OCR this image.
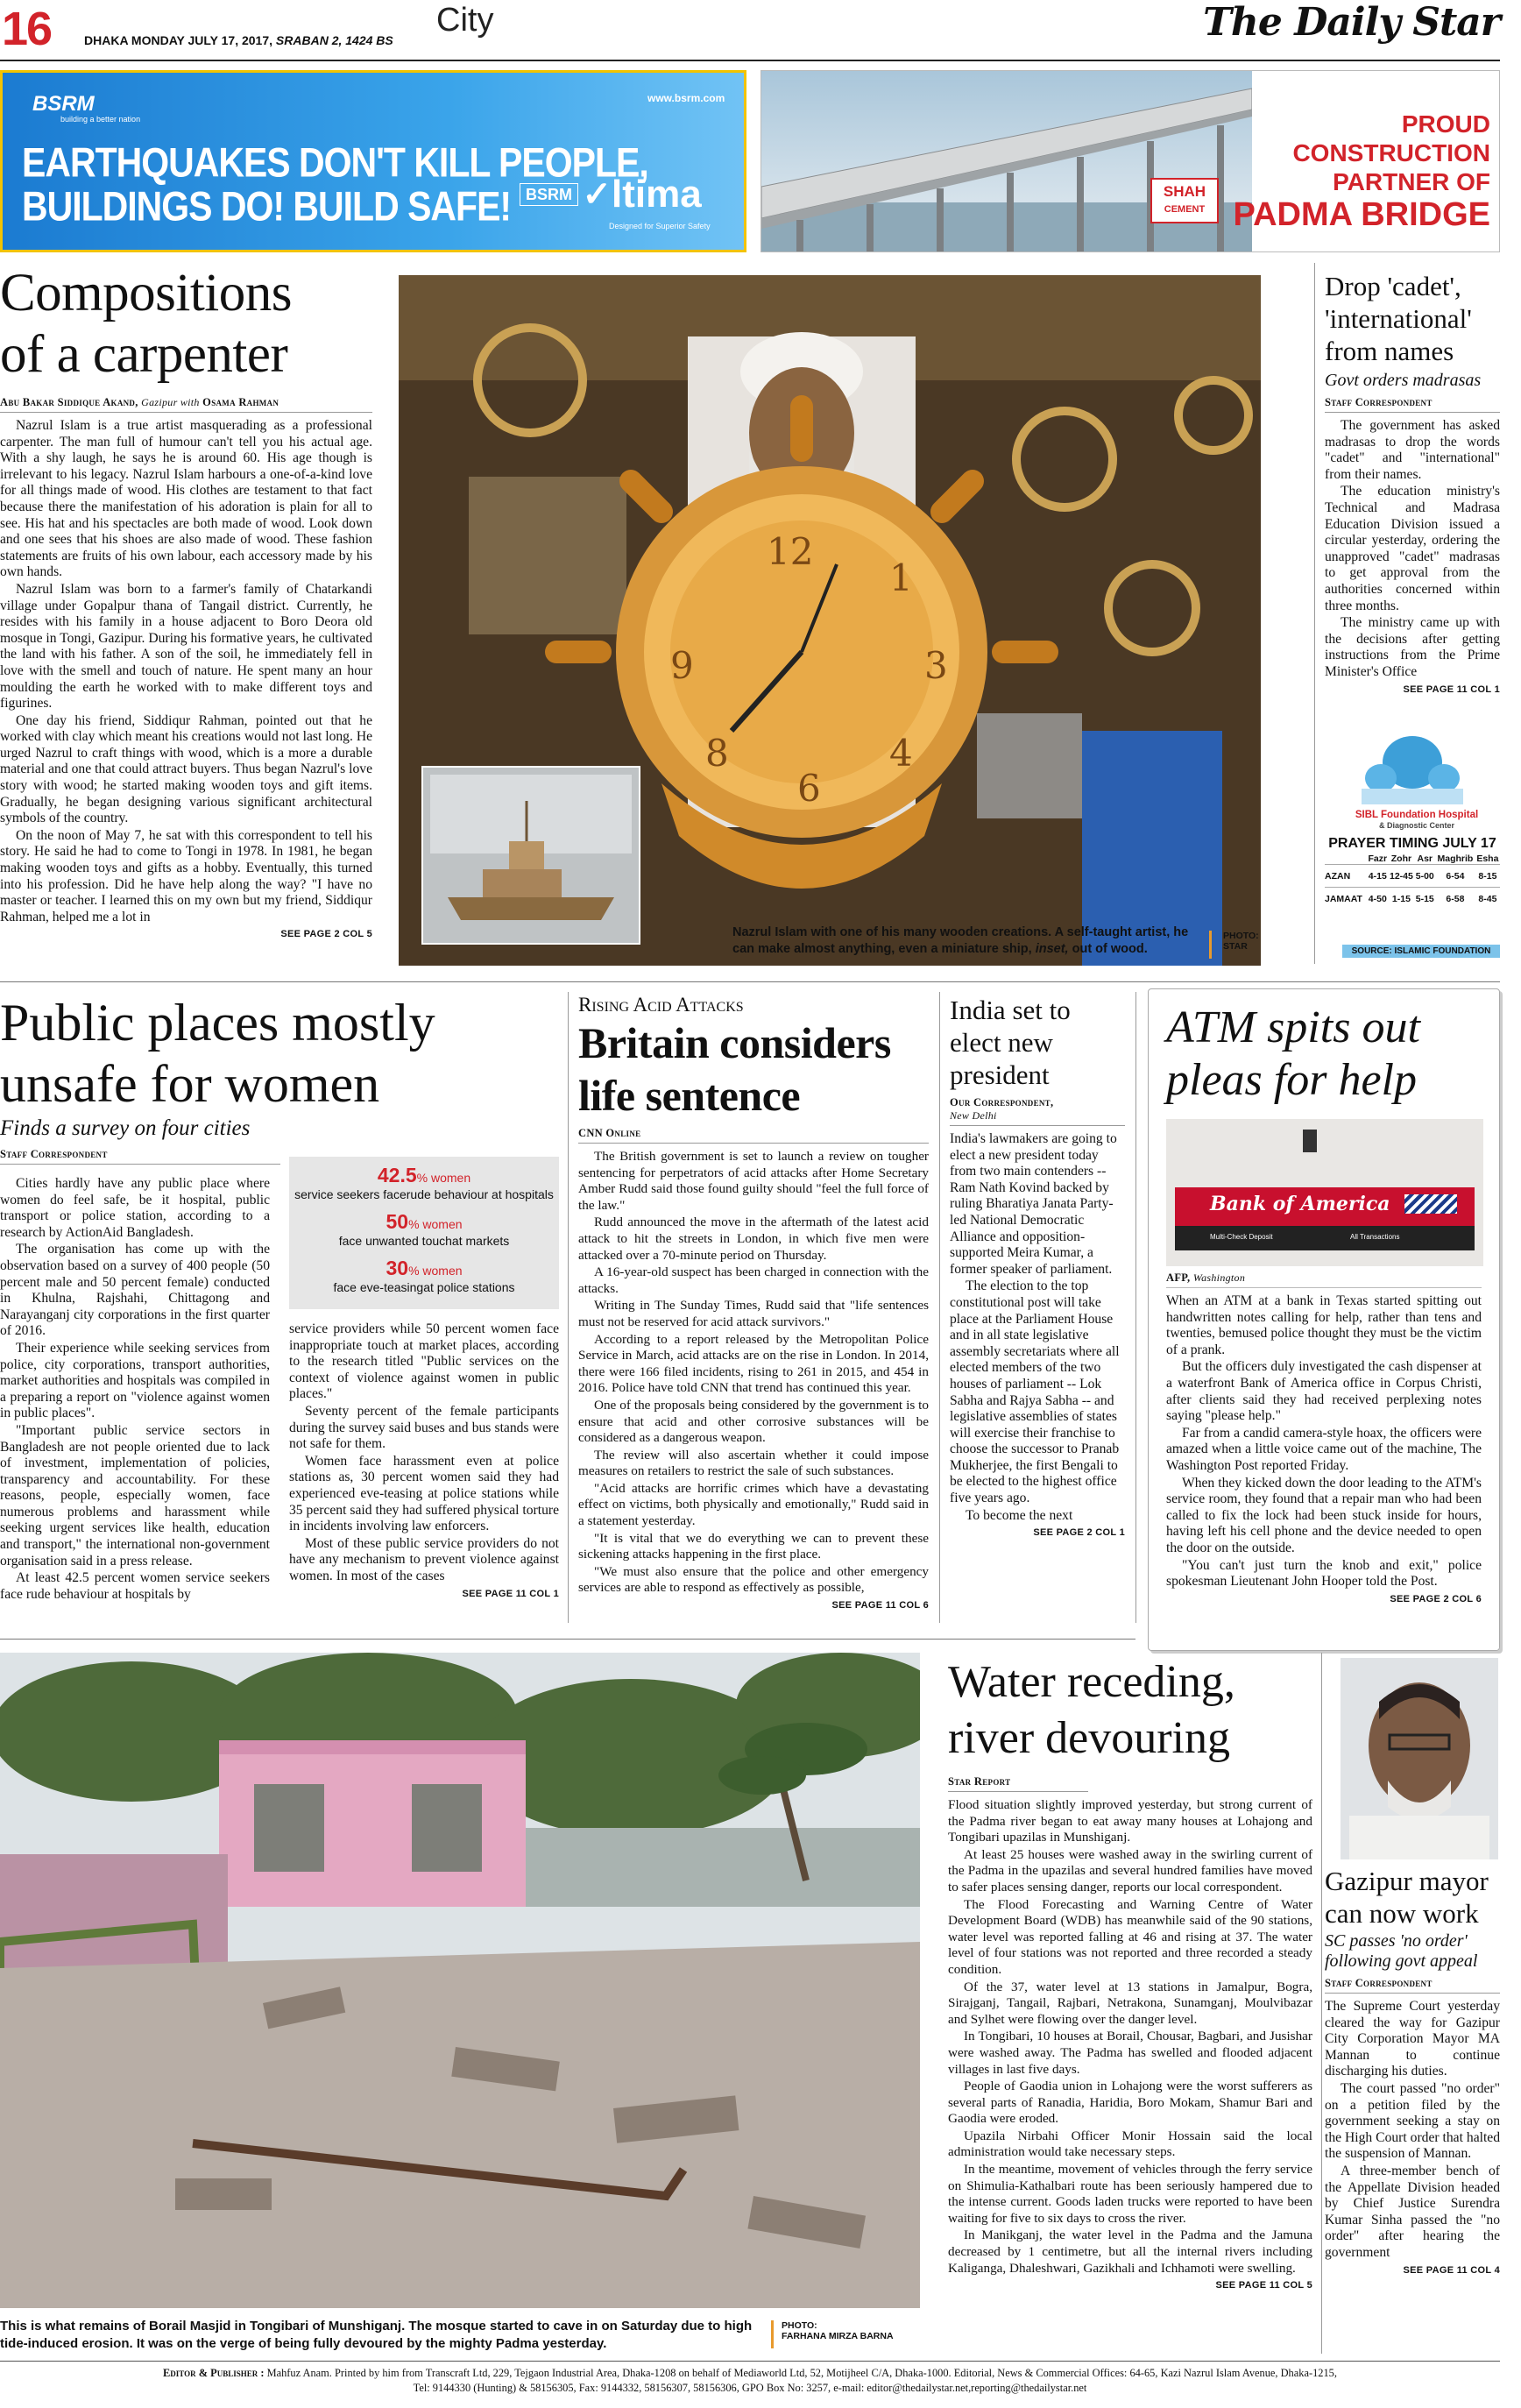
16	DHAKA MONDAY JULY 17, 2017, SRABAN 2, 1424 BS
City	The Daily Star
BSRM
building a better nation
www.bsrm.com
EARTHQUAKES DON'T KILL PEOPLE,
BUILDINGS DO! BUILD SAFE! BSRM ✓ltima
Designed for Superior Safety
SHAH
CEMENT
PROUD
CONSTRUCTION
PARTNER OF
PADMA BRIDGE
Compositions
of a carpenter
Abu Bakar Siddique Akand, Gazipur with Osama Rahman

Nazrul Islam is a true artist masquerading as a professional carpenter. The man full of humour can't tell you his actual age. With a shy laugh, he says he is around 60. His age though is irrelevant to his legacy. Nazrul Islam harbours a one-of-a-kind love for all things made of wood. His clothes are testament to that fact because there the manifestation of his adoration is plain for all to see. His hat and his spectacles are both made of wood. Look down and one sees that his shoes are also made of wood. These fashion statements are fruits of his own labour, each accessory made by his own hands.

Nazrul Islam was born to a farmer's family of Chatarkandi village under Gopalpur thana of Tangail district. Currently, he resides with his family in a house adjacent to Boro Deora old mosque in Tongi, Gazipur. During his formative years, he cultivated the land with his father. A son of the soil, he immediately fell in love with the smell and touch of nature. He spent many an hour moulding the earth he worked with to make different toys and figurines.

One day his friend, Siddiqur Rahman, pointed out that he worked with clay which meant his creations would not last long. He urged Nazrul to craft things with wood, which is a more a durable material and one that could attract buyers. Thus began Nazrul's love story with wood; he started making wooden toys and gift items. Gradually, he began designing various significant architectural symbols of the country.

On the noon of May 7, he sat with this correspondent to tell his story. He said he had to come to Tongi in 1978. In 1981, he began making wooden toys and gifts as a hobby. Eventually, this turned into his profession. Did he have help along the way? "I have no master or teacher. I learned this on my own but my friend, Siddiqur Rahman, helped me a lot in

SEE PAGE 2 COL 5
12
1
3
4
6
8
9
Nazrul Islam with one of his many wooden creations. A self-taught artist, he can make almost anything, even a miniature ship, inset, out of wood.
PHOTO:
STAR
Drop 'cadet', 'international' from names
Govt orders madrasas
Staff Correspondent

The government has asked madrasas to drop the words "cadet" and "international" from their names.

The education ministry's Technical and Madrasa Education Division issued a circular yesterday, ordering the unapproved "cadet" madrasas to get approval from the authorities concerned within three months.

The ministry came up with the decisions after getting instructions from the Prime Minister's Office

SEE PAGE 11 COL 1
SIBL Foundation Hospital
& Diagnostic Center
PRAYER TIMING JULY 17
	Fazr	Zohr	Asr	Maghrib	Esha
AZAN	4-15	12-45	5-00	6-54	8-15
JAMAAT	4-50	1-15	5-15	6-58	8-45
SOURCE: ISLAMIC FOUNDATION
Public places mostly
unsafe for women
Finds a survey on four cities
Staff Correspondent

Cities hardly have any public place where women do feel safe, be it hospital, public transport or police station, according to a research by ActionAid Bangladesh.

The organisation has come up with the observation based on a survey of 400 people (50 percent male and 50 percent female) conducted in Khulna, Rajshahi, Chittagong and Narayanganj city corporations in the first quarter of 2016.

Their experience while seeking services from police, city corporations, transport authorities, market authorities and hospitals was compiled in a preparing a report on "violence against women in public places".

"Important public service sectors in Bangladesh are not people oriented due to lack of investment, implementation of policies, transparency and accountability. For these reasons, people, especially women, face numerous problems and harassment while seeking urgent services like health, education and transport," the international non-government organisation said in a press release.

At least 42.5 percent women service seekers face rude behaviour at hospitals by

42.5% women
service seekers facerude behaviour at hospitals
50% women
face unwanted touchat markets
30% women
face eve-teasingat police stations

service providers while 50 percent women face inappropriate touch at market places, according to the research titled "Public services on the context of violence against women in public places."

Seventy percent of the female participants during the survey said buses and bus stands were not safe for them.

Women face harassment even at police stations as, 30 percent women said they had experienced eve-teasing at police stations while 35 percent said they had suffered physical torture in incidents involving law enforcers.

Most of these public service providers do not have any mechanism to prevent violence against women. In most of the cases

SEE PAGE 11 COL 1
Rising Acid Attacks
Britain considers
life sentence
CNN Online

The British government is set to launch a review on tougher sentencing for perpetrators of acid attacks after Home Secretary Amber Rudd said those found guilty should "feel the full force of the law."

Rudd announced the move in the aftermath of the latest acid attack to hit the streets in London, in which five men were attacked over a 70-minute period on Thursday.

A 16-year-old suspect has been charged in connection with the attacks.

Writing in The Sunday Times, Rudd said that "life sentences must not be reserved for acid attack survivors."

According to a report released by the Metropolitan Police Service in March, acid attacks are on the rise in London. In 2014, there were 166 filed incidents, rising to 261 in 2015, and 454 in 2016. Police have told CNN that trend has continued this year.

One of the proposals being considered by the government is to ensure that acid and other corrosive substances will be considered as a dangerous weapon.

The review will also ascertain whether it could impose measures on retailers to restrict the sale of such substances.

"Acid attacks are horrific crimes which have a devastating effect on victims, both physically and emotionally," Rudd said in a statement yesterday.

"It is vital that we do everything we can to prevent these sickening attacks happening in the first place.

"We must also ensure that the police and other emergency services are able to respond as effectively as possible,

SEE PAGE 11 COL 6
India set to elect new president
Our Correspondent,
New Delhi

India's lawmakers are going to elect a new president today from two main contenders -- Ram Nath Kovind backed by ruling Bharatiya Janata Party-led National Democratic Alliance and opposition-supported Meira Kumar, a former speaker of parliament.

The election to the top constitutional post will take place at the Parliament House and in all state legislative assembly secretariats where all elected members of the two houses of parliament -- Lok Sabha and Rajya Sabha -- and legislative assemblies of states will exercise their franchise to choose the successor to Pranab Mukherjee, the first Bengali to be elected to the highest office five years ago.

To become the next

SEE PAGE 2 COL 1
ATM spits out
pleas for help
Bank of America
Multi-Check Deposit	All Transactions
AFP, Washington

When an ATM at a bank in Texas started spitting out handwritten notes calling for help, rather than tens and twenties, bemused police thought they must be the victim of a prank.

But the officers duly investigated the cash dispenser at a waterfront Bank of America office in Corpus Christi, after clients said they had received perplexing notes saying "please help."

Far from a candid camera-style hoax, the officers were amazed when a little voice came out of the machine, The Washington Post reported Friday.

When they kicked down the door leading to the ATM's service room, they found that a repair man who had been called to fix the lock had been stuck inside for hours, having left his cell phone and the device needed to open the door on the outside.

"You can't just turn the knob and exit," police spokesman Lieutenant John Hooper told the Post.

SEE PAGE 2 COL 6
This is what remains of Borail Masjid in Tongibari of Munshiganj. The mosque started to cave in on Saturday due to high tide-induced erosion. It was on the verge of being fully devoured by the mighty Padma yesterday.
PHOTO:
FARHANA MIRZA BARNA
Water receding,
river devouring
Star Report

Flood situation slightly improved yesterday, but strong current of the Padma river began to eat away many houses at Lohajong and Tongibari upazilas in Munshiganj.

At least 25 houses were washed away in the swirling current of the Padma in the upazilas and several hundred families have moved to safer places sensing danger, reports our local correspondent.

The Flood Forecasting and Warning Centre of Water Development Board (WDB) has meanwhile said of the 90 stations, water level was reported falling at 46 and rising at 37. The water level of four stations was not reported and three recorded a steady condition.

Of the 37, water level at 13 stations in Jamalpur, Bogra, Sirajganj, Tangail, Rajbari, Netrakona, Sunamganj, Moulvibazar and Sylhet were flowing over the danger level.

In Tongibari, 10 houses at Borail, Chousar, Bagbari, and Jusishar were washed away. The Padma has swelled and flooded adjacent villages in last five days.

People of Gaodia union in Lohajong were the worst sufferers as several parts of Ranadia, Haridia, Boro Mokam, Shamur Bari and Gaodia were eroded.

Upazila Nirbahi Officer Monir Hossain said the local administration would take necessary steps.

In the meantime, movement of vehicles through the ferry service on Shimulia-Kathalbari route has been seriously hampered due to the intense current. Goods laden trucks were reported to have been waiting for five to six days to cross the river.

In Manikganj, the water level in the Padma and the Jamuna decreased by 1 centimetre, but all the internal rivers including Kaliganga, Dhaleshwari, Gazikhali and Ichhamoti were swelling.

SEE PAGE 11 COL 5
Gazipur mayor can now work
SC passes 'no order' following govt appeal
Staff Correspondent

The Supreme Court yesterday cleared the way for Gazipur City Corporation Mayor MA Mannan to continue discharging his duties.

The court passed "no order" on a petition filed by the government seeking a stay on the High Court order that halted the suspension of Mannan.

A three-member bench of the Appellate Division headed by Chief Justice Surendra Kumar Sinha passed the "no order" after hearing the government

SEE PAGE 11 COL 4
Editor & Publisher : Mahfuz Anam. Printed by him from Transcraft Ltd, 229, Tejgaon Industrial Area, Dhaka-1208 on behalf of Mediaworld Ltd, 52, Motijheel C/A, Dhaka-1000. Editorial, News & Commercial Offices: 64-65, Kazi Nazrul Islam Avenue, Dhaka-1215,
Tel: 9144330 (Hunting) & 58156305, Fax: 9144332, 58156307, 58156306, GPO Box No: 3257, e-mail: editor@thedailystar.net,reporting@thedailystar.net
